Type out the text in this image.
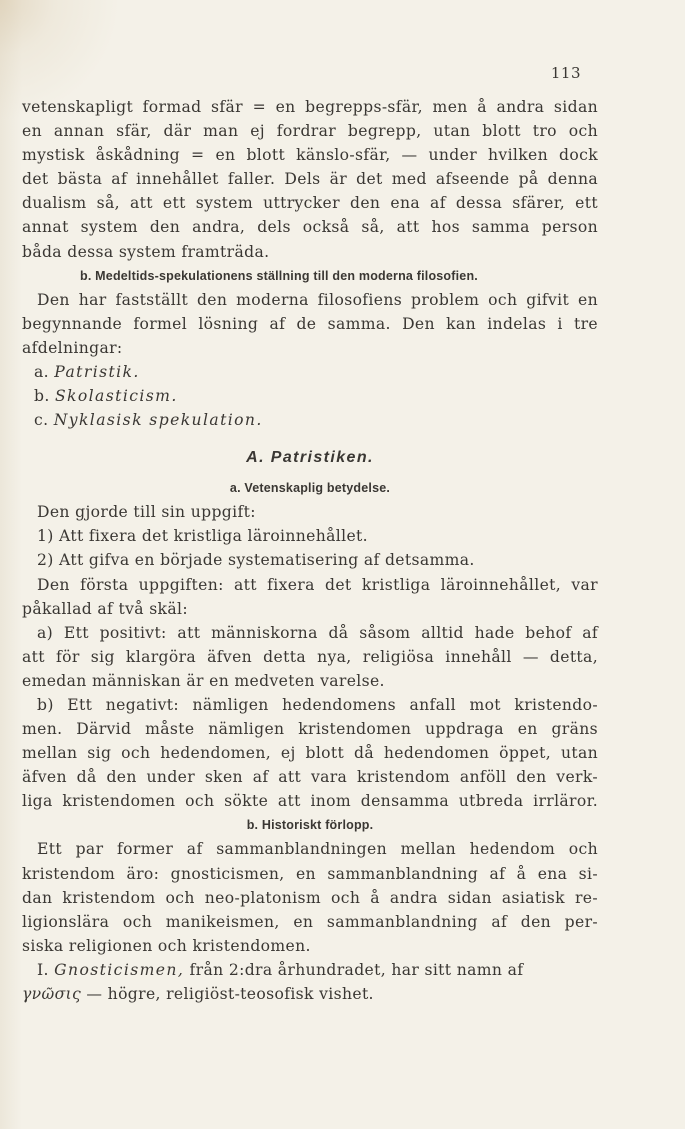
113
vetenskapligt formad sfär = en begrepps-sfär, men å andra sidan
en annan sfär, där man ej fordrar begrepp, utan blott tro och
mystisk åskådning = en blott känslo-sfär, — under hvilken dock
det bästa af innehållet faller. Dels är det med afseende på denna
dualism så, att ett system uttrycker den ena af dessa sfärer, ett
annat system den andra, dels också så, att hos samma person
båda dessa system framträda.
b. Medeltids-spekulationens ställning till den moderna filosofien.
Den har fastställt den moderna filosofiens problem och gifvit en
begynnande formel lösning af de samma. Den kan indelas i tre
afdelningar:
a. Patristik.
b. Skolasticism.
c. Nyklasisk spekulation.
A. Patristiken.
a. Vetenskaplig betydelse.
Den gjorde till sin uppgift:
1) Att fixera det kristliga läroinnehållet.
2) Att gifva en började systematisering af detsamma.
Den första uppgiften: att fixera det kristliga läroinnehållet, var
påkallad af två skäl:
a) Ett positivt: att människorna då såsom alltid hade behof af
att för sig klargöra äfven detta nya, religiösa innehåll — detta,
emedan människan är en medveten varelse.
b) Ett negativt: nämligen hedendomens anfall mot kristendo-
men. Därvid måste nämligen kristendomen uppdraga en gräns
mellan sig och hedendomen, ej blott då hedendomen öppet, utan
äfven då den under sken af att vara kristendom anföll den verk-
liga kristendomen och sökte att inom densamma utbreda irrläror.
b. Historiskt förlopp.
Ett par former af sammanblandningen mellan hedendom och
kristendom äro: gnosticismen, en sammanblandning af å ena si-
dan kristendom och neo-platonism och å andra sidan asiatisk re-
ligionslära och manikeismen, en sammanblandning af den per-
siska religionen och kristendomen.
I. Gnosticismen, från 2:dra århundradet, har sitt namn af
γνῶσις — högre, religiöst-teosofisk vishet.
